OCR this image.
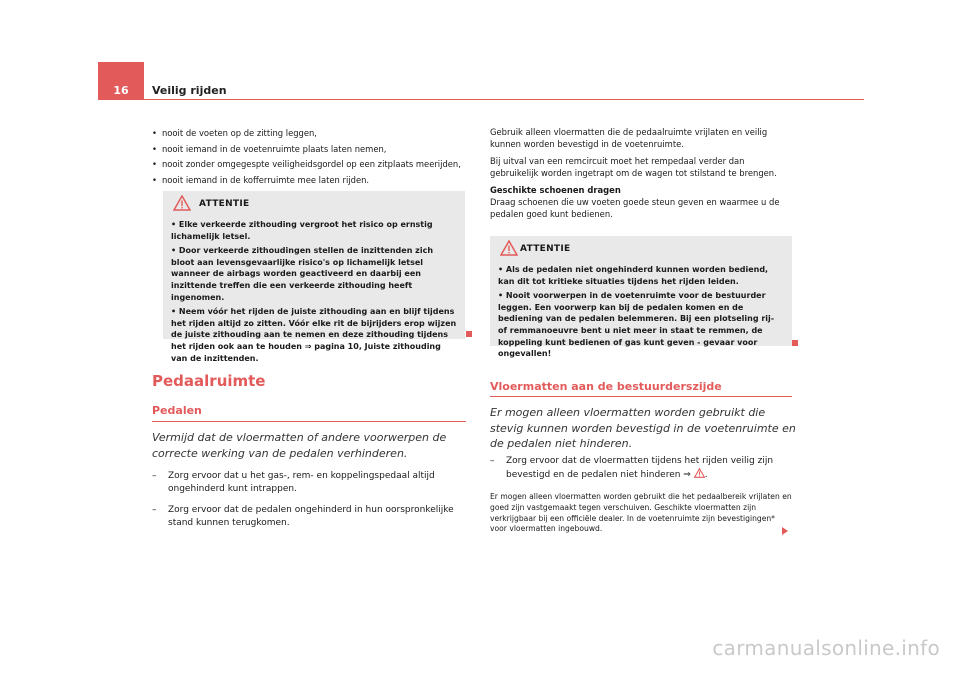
16	Veilig rijden
• nooit de voeten op de zitting leggen,
• nooit iemand in de voetenruimte plaats laten nemen,
• nooit zonder omgegespte veiligheidsgordel op een zitplaats meerijden,
• nooit iemand in de kofferruimte mee laten rijden.
ATTENTIE

• Elke verkeerde zithouding vergroot het risico op ernstig lichamelijk letsel.

• Door verkeerde zithoudingen stellen de inzittenden zich bloot aan levensgevaarlijke risico's op lichamelijk letsel wanneer de airbags worden geactiveerd en daarbij een inzittende treffen die een verkeerde zithouding heeft ingenomen.

• Neem vóór het rijden de juiste zithouding aan en blijf tijdens het rijden altijd zo zitten. Vóór elke rit de bijrijders erop wijzen de juiste zithouding aan te nemen en deze zithouding tijdens het rijden ook aan te houden ⇒ pagina 10, Juiste zithouding van de inzittenden.

Pedaalruimte
Pedalen
Vermijd dat de vloermatten of andere voorwerpen de correcte werking van de pedalen verhinderen.
– Zorg ervoor dat u het gas-, rem- en koppelingspedaal altijd ongehinderd kunt intrappen.
– Zorg ervoor dat de pedalen ongehinderd in hun oorspronkelijke stand kunnen terugkomen.

Gebruik alleen vloermatten die de pedaalruimte vrijlaten en veilig kunnen worden bevestigd in de voetenruimte.

Bij uitval van een remcircuit moet het rempedaal verder dan gebruikelijk worden ingetrapt om de wagen tot stilstand te brengen.

Geschikte schoenen dragen

Draag schoenen die uw voeten goede steun geven en waarmee u de pedalen goed kunt bedienen.

ATTENTIE

• Als de pedalen niet ongehinderd kunnen worden bediend, kan dit tot kritieke situaties tijdens het rijden leiden.

• Nooit voorwerpen in de voetenruimte voor de bestuurder leggen. Een voorwerp kan bij de pedalen komen en de bediening van de pedalen belemmeren. Bij een plotseling rij- of remmanoeuvre bent u niet meer in staat te remmen, de koppeling kunt bedienen of gas kunt geven - gevaar voor ongevallen!

Vloermatten aan de bestuurderszijde
Er mogen alleen vloermatten worden gebruikt die stevig kunnen worden bevestigd in de voetenruimte en de pedalen niet hinderen.
– Zorg ervoor dat de vloermatten tijdens het rijden veilig zijn bevestigd en de pedalen niet hinderen ⇒ .
Er mogen alleen vloermatten worden gebruikt die het pedaalbereik vrijlaten en goed zijn vastgemaakt tegen verschuiven. Geschikte vloermatten zijn verkrijgbaar bij een officiële dealer. In de voetenruimte zijn bevestigingen* voor vloermatten ingebouwd.
carmanualsonline.info
